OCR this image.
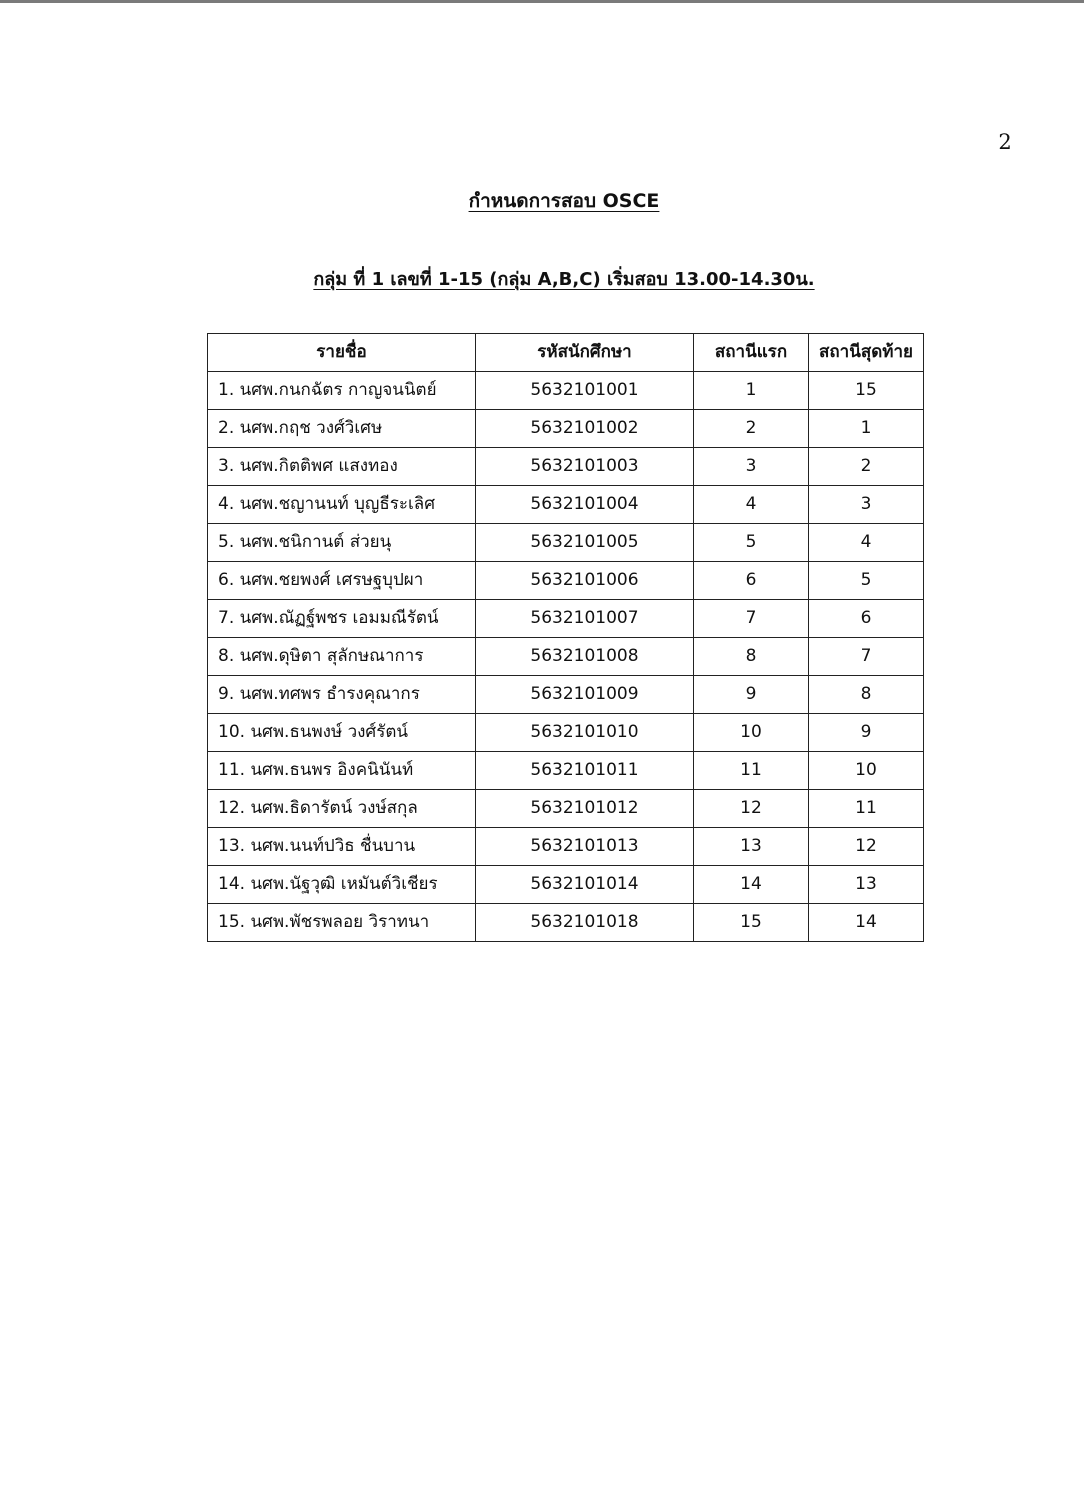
2
กำหนดการสอบ OSCE
กลุ่ม ที่ 1 เลขที่ 1-15 (กลุ่ม A,B,C) เริ่มสอบ 13.00-14.30น.
รายชื่อ	รหัสนักศึกษา	สถานีแรก	สถานีสุดท้าย
1. นศพ.กนกฉัตร กาญจนนิตย์	5632101001	1	15
2. นศพ.กฤช วงศ์วิเศษ	5632101002	2	1
3. นศพ.กิตติพศ แสงทอง	5632101003	3	2
4. นศพ.ชญานนท์ บุญธีระเลิศ	5632101004	4	3
5. นศพ.ชนิกานต์ ส่วยนุ	5632101005	5	4
6. นศพ.ชยพงศ์ เศรษฐบุปผา	5632101006	6	5
7. นศพ.ณัฏฐ์พชร เอมมณีรัตน์	5632101007	7	6
8. นศพ.ดุษิตา สุลักษณาการ	5632101008	8	7
9. นศพ.ทศพร ธำรงคุณากร	5632101009	9	8
10. นศพ.ธนพงษ์ วงศ์รัตน์	5632101010	10	9
11. นศพ.ธนพร อิงคนินันท์	5632101011	11	10
12. นศพ.ธิดารัตน์ วงษ์สกุล	5632101012	12	11
13. นศพ.นนท์ปวิธ ชื่นบาน	5632101013	13	12
14. นศพ.นัฐวุฒิ เหมันต์วิเชียร	5632101014	14	13
15. นศพ.พัชรพลอย วิราทนา	5632101018	15	14
